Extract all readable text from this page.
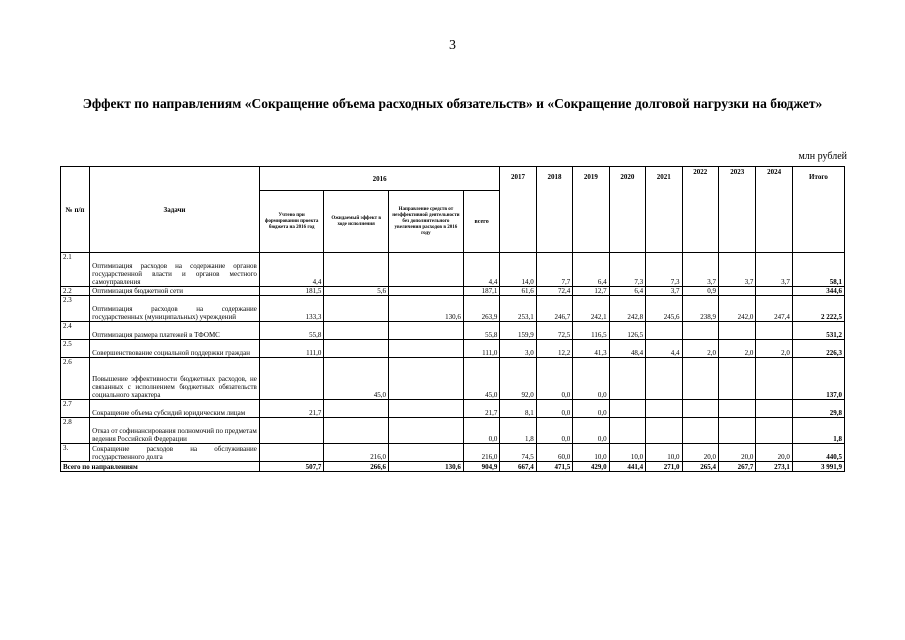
3
Эффект по направлениям «Сокращение объема расходных обязательств» и «Сокращение долговой нагрузки на бюджет»
млн рублей
№ п/п	Задачи	2016				2017	2018	2019	2020	2021	2022	2023	2024	Итого
		Учтено при формировании проекта бюджета на 2016 год	Ожидаемый эффект в ходе исполнения	Направление средств от неэффективной деятельности без дополнительного увеличения расходов в 2016 году	всего									
2.1	Оптимизация расходов на содержание органов государственной власти и органов местного самоуправления	4,4			4,4	14,0	7,7	6,4	7,3	7,3	3,7	3,7	3,7	58,1
2.2	Оптимизация бюджетной сети	181,5	5,6		187,1	61,6	72,4	12,7	6,4	3,7	0,9			344,6
2.3	Оптимизация расходов на содержание государственных (муниципальных) учреждений	133,3		130,6	263,9	253,1	246,7	242,1	242,8	245,6	238,9	242,0	247,4	2 222,5
2.4	Оптимизация размера платежей в ТФОМС	55,8			55,8	159,9	72,5	116,5	126,5					531,2
2.5	Совершенствование социальной поддержки граждан	111,0			111,0	3,0	12,2	41,3	48,4	4,4	2,0	2,0	2,0	226,3
2.6	Повышение эффективности бюджетных расходов, не связанных с исполнением бюджетных обязательств социального характера		45,0		45,0	92,0	0,0	0,0						137,0
2.7	Сокращение объема субсидий юридическим лицам	21,7			21,7	8,1	0,0	0,0						29,8
2.8	Отказ от софинансирования полномочий по предметам ведения Российской Федерации				0,0	1,8	0,0	0,0						1,8
3.	Сокращение расходов на обслуживание государственного долга		216,0		216,0	74,5	60,0	10,0	10,0	10,0	20,0	20,0	20,0	440,5
Всего по направлениям		507,7	266,6	130,6	904,9	667,4	471,5	429,0	441,4	271,0	265,4	267,7	273,1	3 991,9
